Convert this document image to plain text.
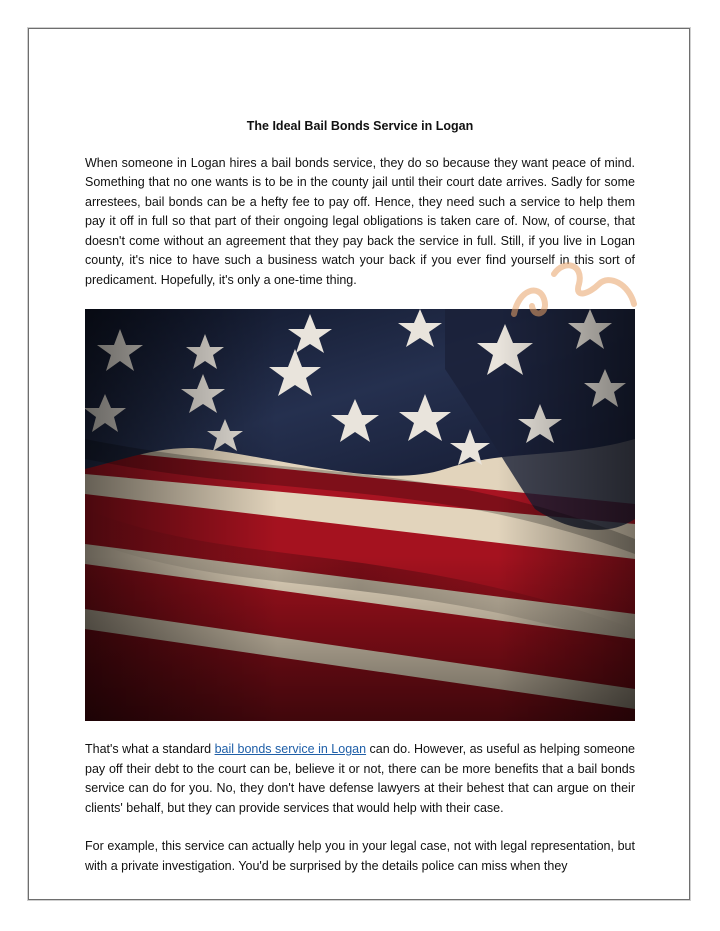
The Ideal Bail Bonds Service in Logan

When someone in Logan hires a bail bonds service, they do so because they want peace of mind. Something that no one wants is to be in the county jail until their court date arrives. Sadly for some arrestees, bail bonds can be a hefty fee to pay off. Hence, they need such a service to help them pay it off in full so that part of their ongoing legal obligations is taken care of. Now, of course, that doesn't come without an agreement that they pay back the service in full. Still, if you live in Logan county, it's nice to have such a business watch your back if you ever find yourself in this sort of predicament. Hopefully, it's only a one-time thing.

That's what a standard bail bonds service in Logan can do. However, as useful as helping someone pay off their debt to the court can be, believe it or not, there can be more benefits that a bail bonds service can do for you. No, they don't have defense lawyers at their behest that can argue on their clients' behalf, but they can provide services that would help with their case.

For example, this service can actually help you in your legal case, not with legal representation, but with a private investigation. You'd be surprised by the details police can miss when they
